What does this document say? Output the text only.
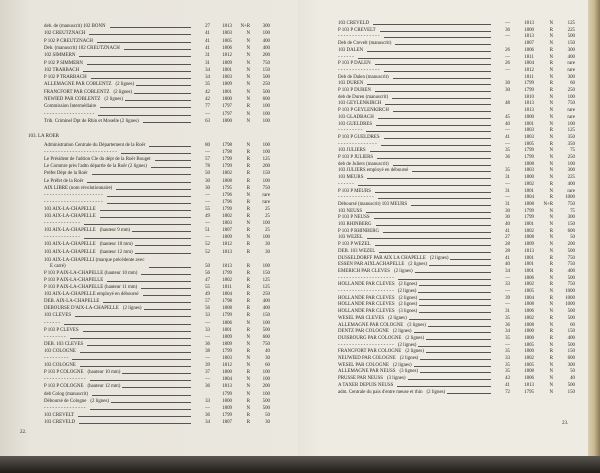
deb. de (manuscrit) 102 BONN	27 1813 N+R	300
102 CREUTZNACH	41 1803	N	100
P 102 P CREUTZNACH	41 1805	N	400
Deb. (manuscrit) 102 CREUTZNACH	41 1806	N	400
102 SIMMERN	31 1812	N	200
P 102 P SIMMERN	31 1809	N	750
102 TRARBACH	34 1801	N	150
P 102 P TRARBACH	34 1803	N	500
ALLEMAGNE PAR COBLENTZ (2 lignes)	35 1809	N	250
FRANCFORT PAR COBLENTZ (2 lignes)	42 1801	N	500
NEWIED PAR COBLENTZ (2 lignes)	42 1800	N	600
Commission Intermédiaire	77 1797	R	100
- - - - - - - - - - - - - - - - - -	— 1797	N	100
Trib. Criminel Dpt de Rhin et Moselle (2 lignes)	63 1800	N	100
103. LA ROER
Administration Centrale du Département de la Roër	80 1798	N	100
- - - - - - - - - - - - - - - - - - - - - - - - - -	— 1798	R	100
Le Président de l'adtion Cle du dépt de la Roër Bouget	57 1799	R	125
Le Commre près l'adtn départle de la Roër (2 lignes)	78 1799	R	200
Préfet Dépt de la Roër	50 1802	R	150
Le Préfet de la Roër	30 1808	R	100
AIX LIBRE (nom révolutionnaire)	30 1795	R	750
- - - - - - - - - - - - - - - - - - - - -	— 1796	N	rare
- - - - - - - - - - - - - - - - - - - - -	— 1796	R	rare
103 AIX-LA-CHAPELLE	55 1799	R	25
103 AIX-LA-CHAPELLE	49 1802	R	25
- - - - - - - - - - - - -	— 1803	N	100
103 AIX-LA-CHAPELLE (hauteur 9 mm)	51 1807	R	25
- - - - - - - - - - - - -	— 1809	N	100
103 AIX-LA-CHAPELLE (hauteur 10 mm)	52 1812	R	30
103 AIX-LA-CHAPELLE (hauteur 12 mm)	52 1813	R	30
103 AIX-LA-CHAPELLI (marque précédente avec
E carré)	50 1813	R	100
P 103 P AIX-LA-CHAPELLE (hauteur 10 mm)	56 1799	R	150
P 103 P AIX-LA-CHAPELLE	47 1802	R	125
P 103 P AIX-LA-CHAPELLE (hauteur 11 mm)	55	1811	R	125
103 AIX-LA-CHAPELLE employé en déboursé	49 1804	R	250
DEB. AIX-LA-CHAPELLE	57 1798	R	400
DEBOURSE D'AIX-LA-CHAPELLE (2 lignes)	56 1808	R	400
103 CLEVES	33 1799	R	150
- - - - - -	— 1806	N	100
P 103 P CLEVES	33 1801	R	500
- - - - - - - -	— 1809	N	600
DEB. 103 CLEVES	36 1809	N	750
103 COLOGNE	38 1799	R	40
- - - - - - - - -	— 1803	N	30
103 COLOGNE	39 1812	N	60
P 103 P COLOGNE (hauteur 10 mm)	37 1800	R	100
- - - - - - - - - - - - - - -	— 1804	N	100
P 103 P COLOGNE (hauteur 12 mm)	36 1813	N	200
deb Colog (manuscrit)	1799	N	100
Déboursé de Cologne (2 lignes)	33 1800	R	500
- - - - - - - - - - - - - - -	— 1809	N	500
103 CREVELT	36 1799	R	50
103 CREVELD	34 1807	R	30
22.
103 CREVELD	—	1813	N	125
P 103 P CREVELT	36	1800	R	225
- - - - - - - - - - - - - - -	—	1813	N	500
Deb de Crevelt (manuscrit)	1807	N	150
103 DALEN	26	1806	R	300
- - - - - -	—	1811	N	400
P 103 P DALEN	26	1804	R	rare
- - - - - - - - - - - - - - -	—	1812	N	rare
Deb de Dalen (manuscrit)	1811	N	300
103 DUREN	30	1799	R	60
P 103 P DUREN	30	1799	R	250
deb de Duren (manuscrit)	1810	N	100
103 GEYLENKIRCH	48	1813	N	750
P 103 P GEYLENKIRCH	1813	N	rare
103 GLADBACH	45	1800	N	rare
103 GUELDRES	40	1801	N	100
- - - - - - - - -	—	1803	R	125
P 103 P GUELDRES	41	1803	N	350
- - - - - - - - - - - - - -	—	1805	R	350
103 JULIERS	35	1799	N	75
P 103 P JULIERS	36	1799	N	250
deb de Juliers (manuscrit)	1808	N	100
103 JULIERS employé en déboursé	35	1803	N	300
103 MEURS	31	1800	N	225
- - - - - -	—	1802	R	400
P 103 P MEURS	31	1801	N	rare
- - - - - - - - - - - - -	—	1804	R 1000
Déboursé (manuscrit) 103 MEURS	31	1808 N+R	750
103 NEUSS	30	1799	N	75
P 103 P NEUSS	30	1799	N	300
103 RHINBERG	40	1801	N	150
P 103 P RHINBERG	41	1802	R	600
103 WEZEL	27	1808	N	50
P 103 P WEZEL	28	1809	N	200
DEB. 103 WEZEL	28	1813	N	500
DUSSELDORFF PAR AIX LA CHAPELLE (2 lignes)	41	1801	R	750
ESSEN PAR AIXLACHAPELLE (2 lignes)	40	1801	R	750
EMERICH PAR CLEVES (2 lignes)	34	1801	R	400
- - - - - - - - - - - - - - - - - - - -	—	1806	N	500
HOLLANDE PAR CLEVES (2 lignes)	33	1802	R	750
- - - - - - - - - - - - - - - - - - - - (2 lignes)	—	1805	N 1000
HOLLANDE PAR CLEVES (2 lignes)	39	1804	R 1000
HOLLANDE PAR CLEVES (2 lignes)	—	1808	N 1000
HOLLANDE PAR CLEVES (3 lignes)	31	1806	N	500
WESEL PAR CLEVES (2 lignes)	35	1802	R	500
ALLEMAGNE PAR COLOGNE (3 lignes)	36	1808	N	60
DENTZ PAR COLOGNE (2 lignes)	34	1800	R	150
DUISBOURG PAR COLOGNE (2 lignes)	35	1800	R	400
- - - - - - - - - - - - - - - - - - - - (2 lignes)	—	1805	N	500
FRANCFORT PAR COLOGNE (2 lignes)	35	1800	R	150
NEUWIED PAR COLOGNE (2 lignes)	33	1802	R	600
WESEL PAR COLOGNE (2 lignes)	35	1805	N	300
ALLEMAGNE PAR NEUSS (3 lignes)	35	1808	N	50
PRUSSE PAR NEUSS (3 lignes)	43	1806	N	40
A TAXER DEPUIS NEUSS	41	1813	N	500
adm. Centrale du pais d'entre meuse et rhin (2 lignes)	72	1795	N	150
23.
